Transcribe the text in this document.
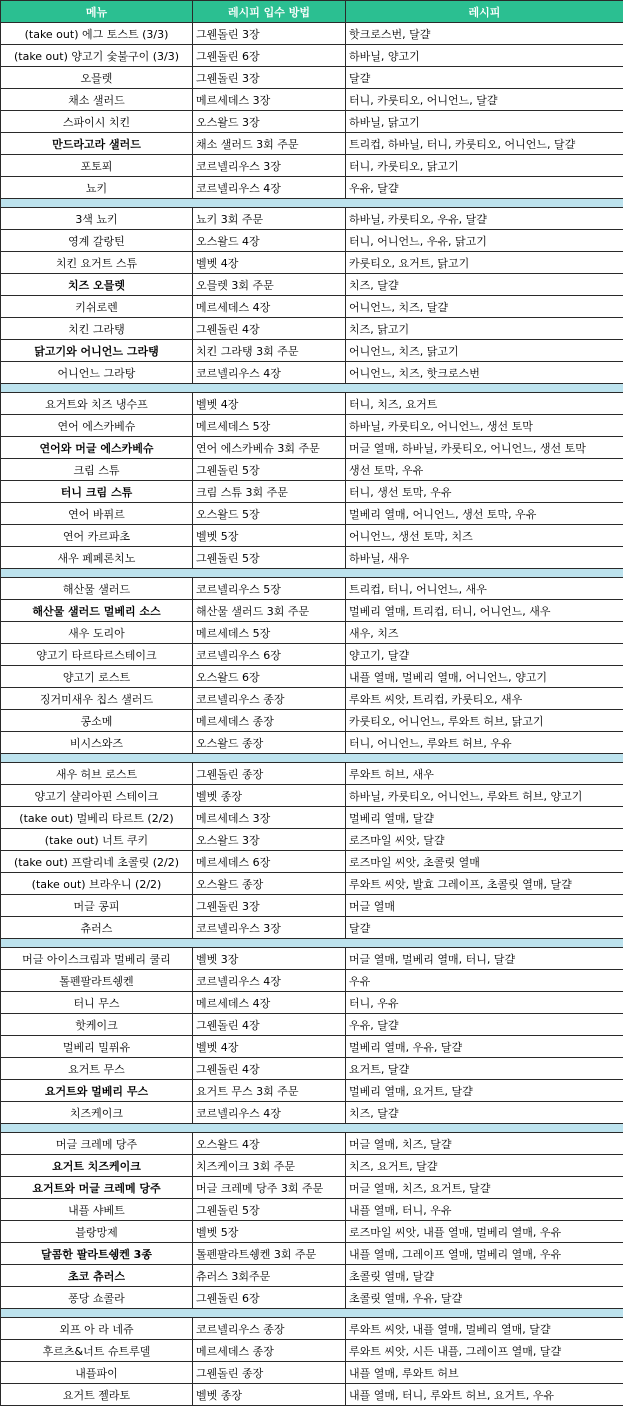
메뉴	레시피 입수 방법	레시피
(take out) 에그 토스트 (3/3)	그웬돌린 3장	핫크로스번, 달걀
(take out) 양고기 숯불구이 (3/3)	그웬돌린 6장	하바닐, 양고기
오믈렛	그웬돌린 3장	달걀
채소 샐러드	메르세데스 3장	터니, 카룻티오, 어니언느, 달걀
스파이시 치킨	오스왈드 3장	하바닐, 닭고기
만드라고라 샐러드	채소 샐러드 3회 주문	트리컵, 하바닐, 터니, 카룻티오, 어니언느, 달걀
포토푀	코르넬리우스 3장	터니, 카룻티오, 닭고기
뇨키	코르넬리우스 4장	우유, 달걀

3색 뇨키	뇨키 3회 주문	하바닐, 카룻티오, 우유, 달걀
영계 갈랑틴	오스왈드 4장	터니, 어니언느, 우유, 닭고기
치킨 요거트 스튜	벨벳 4장	카룻티오, 요거트, 닭고기
치즈 오믈렛	오믈렛 3회 주문	치즈, 달걀
키쉬로렌	메르세데스 4장	어니언느, 치즈, 달걀
치킨 그라탱	그웬돌린 4장	치즈, 닭고기
닭고기와 어니언느 그라탱	치킨 그라탱 3회 주문	어니언느, 치즈, 닭고기
어니언느 그라탕	코르넬리우스 4장	어니언느, 치즈, 핫크로스번

요거트와 치즈 냉수프	벨벳 4장	터니, 치즈, 요거트
연어 에스카베슈	메르세데스 5장	하바닐, 카룻티오, 어니언느, 생선 토막
연어와 머글 에스카베슈	연어 에스카베슈 3회 주문	머글 열매, 하바닐, 카룻티오, 어니언느, 생선 토막
크림 스튜	그웬돌린 5장	생선 토막, 우유
터니 크림 스튜	크림 스튜 3회 주문	터니, 생선 토막, 우유
연어 바퓌르	오스왈드 5장	멀베리 열매, 어니언느, 생선 토막, 우유
연어 카르파초	벨벳 5장	어니언느, 생선 토막, 치즈
새우 페페론치노	그웬돌린 5장	하바닐, 새우

해산물 샐러드	코르넬리우스 5장	트리컵, 터니, 어니언느, 새우
해산물 샐러드 멀베리 소스	해산물 샐러드 3회 주문	멀베리 열매, 트리컵, 터니, 어니언느, 새우
새우 도리아	메르세데스 5장	새우, 치즈
양고기 타르타르스테이크	코르넬리우스 6장	양고기, 달걀
양고기 로스트	오스왈드 6장	내플 열매, 멀베리 열매, 어니언느, 양고기
징거미새우 칩스 샐러드	코르넬리우스 종장	루와트 씨앗, 트리컵, 카룻티오, 새우
콩소메	메르세데스 종장	카룻티오, 어니언느, 루와트 허브, 닭고기
비시스와즈	오스왈드 종장	터니, 어니언느, 루와트 허브, 우유

새우 허브 로스트	그웬돌린 종장	루와트 허브, 새우
양고기 샬리아핀 스테이크	벨벳 종장	하바닐, 카룻티오, 어니언느, 루와트 허브, 양고기
(take out) 멀베리 타르트 (2/2)	메르세데스 3장	멀베리 열매, 달걀
(take out) 너트 쿠키	오스왈드 3장	로즈마일 씨앗, 달걀
(take out) 프랄리네 초콜릿 (2/2)	메르세데스 6장	로즈마일 씨앗, 초콜릿 열매
(take out) 브라우니 (2/2)	오스왈드 종장	루와트 씨앗, 발효 그레이프, 초콜릿 열매, 달걀
머글 콩피	그웬돌린 3장	머글 열매
츄러스	코르넬리우스 3장	달걀

머글 아이스크림과 멀베리 쿨리	벨벳 3장	머글 열매, 멀베리 열매, 터니, 달걀
톨펜팔라트쉥켄	코르넬리우스 4장	우유
터니 무스	메르세데스 4장	터니, 우유
핫케이크	그웬돌린 4장	우유, 달걀
멀베리 밀퓌유	벨벳 4장	멀베리 열매, 우유, 달걀
요거트 무스	그웬돌린 4장	요거트, 달걀
요거트와 멀베리 무스	요거트 무스 3회 주문	멀베리 열매, 요거트, 달걀
치즈케이크	코르넬리우스 4장	치즈, 달걀

머글 크레메 당주	오스왈드 4장	머글 열매, 치즈, 달걀
요거트 치즈케이크	치즈케이크 3회 주문	치즈, 요거트, 달걀
요거트와 머글 크레메 당주	머글 크레메 당주 3회 주문	머글 열매, 치즈, 요거트, 달걀
내플 샤베트	그웬돌린 5장	내플 열매, 터니, 우유
블랑망제	벨벳 5장	로즈마일 씨앗, 내플 열매, 멀베리 열매, 우유
달콤한 팔라트쉥켄 3종	톨펜팔라트쉥켄 3회 주문	내플 열매, 그레이프 열매, 멀베리 열매, 우유
초코 츄러스	츄러스 3회주문	초콜릿 열매, 달걀
퐁당 쇼콜라	그웬돌린 6장	초콜릿 열매, 우유, 달걀

외프 아 라 네쥬	코르넬리우스 종장	루와트 씨앗, 내플 열매, 멀베리 열매, 달걀
후르츠&너트 슈트루델	메르세데스 종장	루와트 씨앗, 시든 내플, 그레이프 열매, 달걀
내플파이	그웬돌린 종장	내플 열매, 루와트 허브
요거트 젤라토	벨벳 종장	내플 열매, 터니, 루와트 허브, 요거트, 우유
